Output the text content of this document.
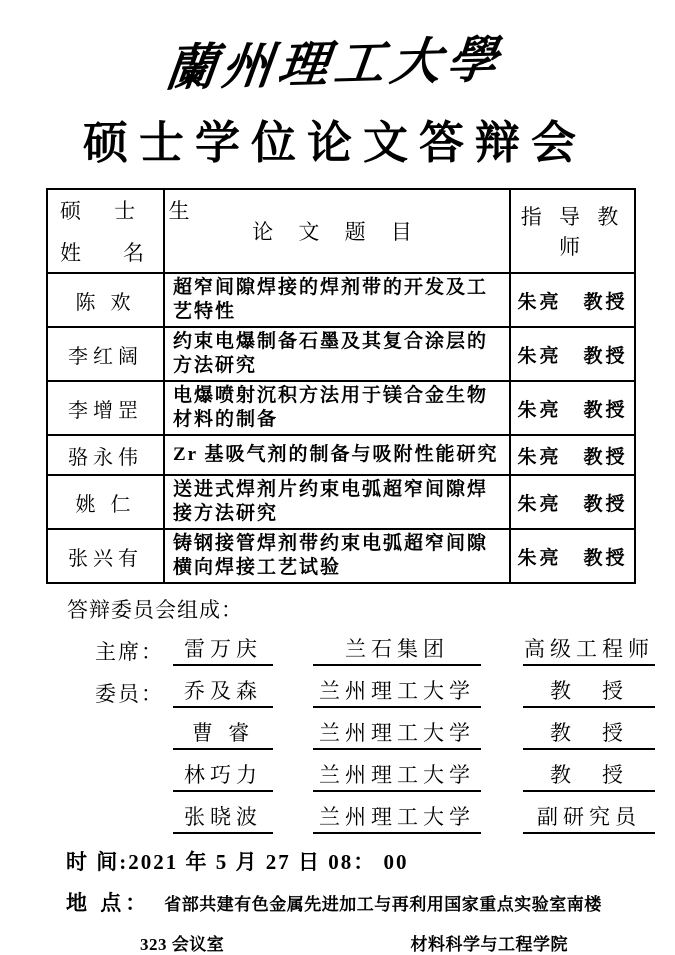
蘭州理工大學
硕士学位论文答辩会
硕 士 生
姓　　名	论 文 题 目	指 导 教 师
陈 欢	超窄间隙焊接的焊剂带的开发及工艺特性	朱亮　教授
李红阔	约束电爆制备石墨及其复合涂层的方法研究	朱亮　教授
李增罡	电爆喷射沉积方法用于镁合金生物材料的制备	朱亮　教授
骆永伟	Zr 基吸气剂的制备与吸附性能研究	朱亮　教授
姚 仁	送进式焊剂片约束电弧超窄间隙焊接方法研究	朱亮　教授
张兴有	铸钢接管焊剂带约束电弧超窄间隙横向焊接工艺试验	朱亮　教授
答辩委员会组成：
主席： 雷万庆	兰石集团	高级工程师
委员： 乔及森	兰州理工大学	教　授
曹 睿	兰州理工大学	教　授
林巧力	兰州理工大学	教　授
张晓波	兰州理工大学	副研究员
时 间:2021 年 5 月 27 日 08： 00
地 点： 省部共建有色金属先进加工与再利用国家重点实验室南楼
323 会议室	材料科学与工程学院
